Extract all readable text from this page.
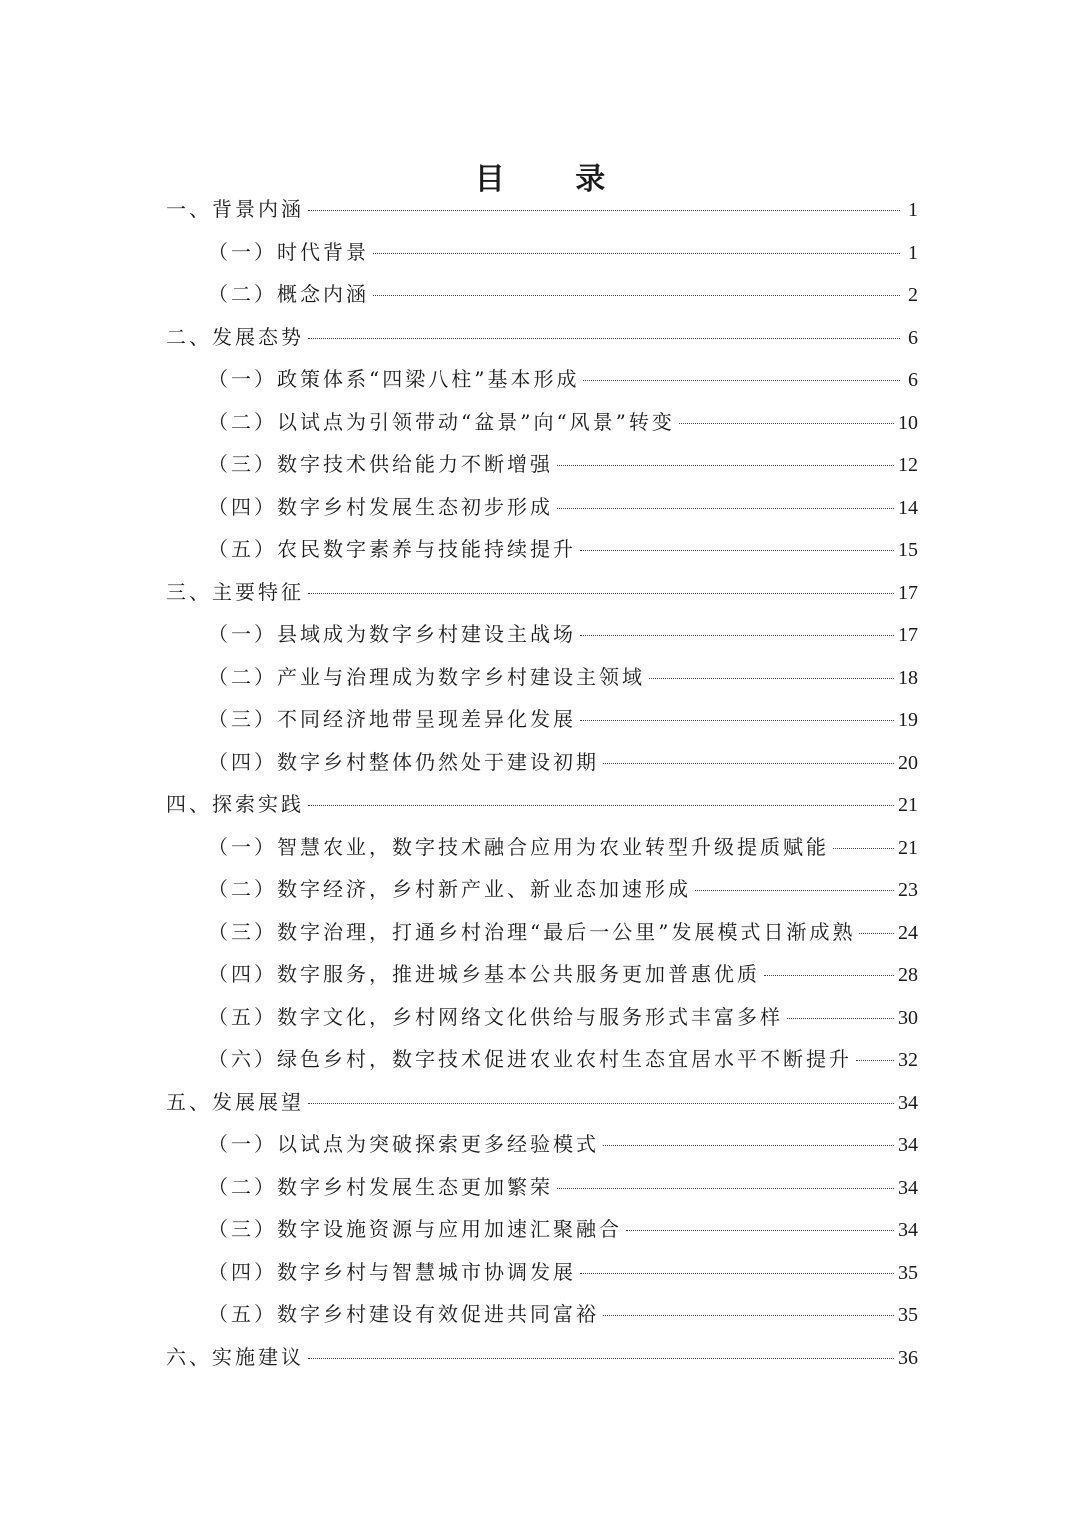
目 录
一、背景内涵	1
（一）时代背景	1
（二）概念内涵	2
二、发展态势	6
（一）政策体系“四梁八柱”基本形成	6
（二）以试点为引领带动“盆景”向“风景”转变	10
（三）数字技术供给能力不断增强	12
（四）数字乡村发展生态初步形成	14
（五）农民数字素养与技能持续提升	15
三、主要特征	17
（一）县域成为数字乡村建设主战场	17
（二）产业与治理成为数字乡村建设主领域	18
（三）不同经济地带呈现差异化发展	19
（四）数字乡村整体仍然处于建设初期	20
四、探索实践	21
（一）智慧农业，数字技术融合应用为农业转型升级提质赋能	21
（二）数字经济，乡村新产业、新业态加速形成	23
（三）数字治理，打通乡村治理“最后一公里”发展模式日渐成熟 24
（四）数字服务，推进城乡基本公共服务更加普惠优质	28
（五）数字文化，乡村网络文化供给与服务形式丰富多样	30
（六）绿色乡村，数字技术促进农业农村生态宜居水平不断提升 32
五、发展展望	34
（一）以试点为突破探索更多经验模式	34
（二）数字乡村发展生态更加繁荣	34
（三）数字设施资源与应用加速汇聚融合	34
（四）数字乡村与智慧城市协调发展	35
（五）数字乡村建设有效促进共同富裕	35
六、实施建议	36
